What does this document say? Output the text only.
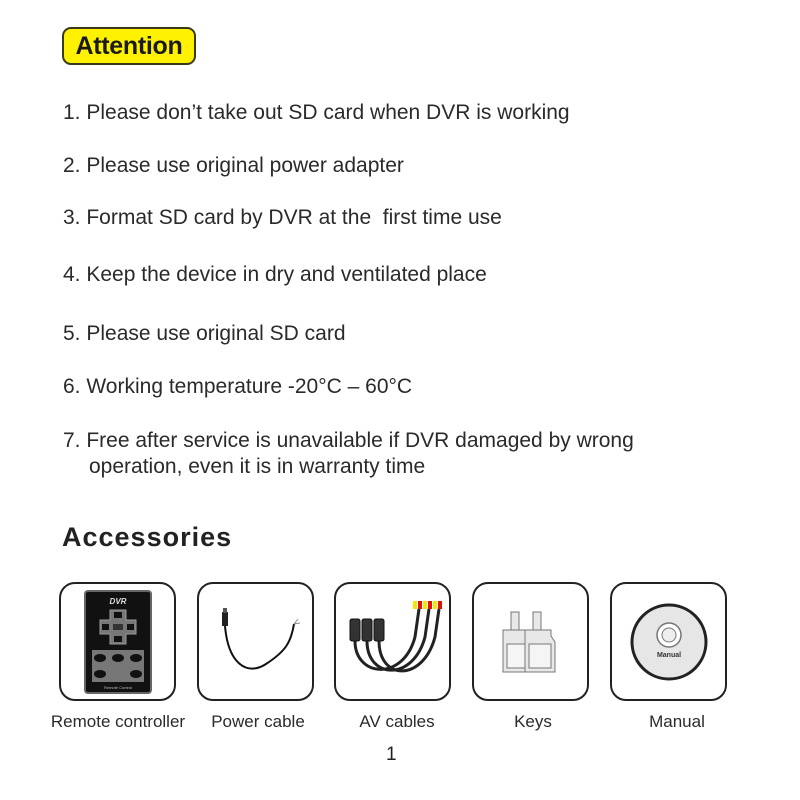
Attention
1. Please don’t take out SD card when DVR is working
2. Please use original power adapter
3. Format SD card by DVR at the  first time use
4. Keep the device in dry and ventilated place
5. Please use original SD card
6. Working temperature -20°C – 60°C
7. Free after service is unavailable if DVR damaged by wrong
operation, even it is in warranty time
Accessories
DVR
Remote Control
Remote controller	Power cable	AV cables	Keys
Manual
Manual
1
